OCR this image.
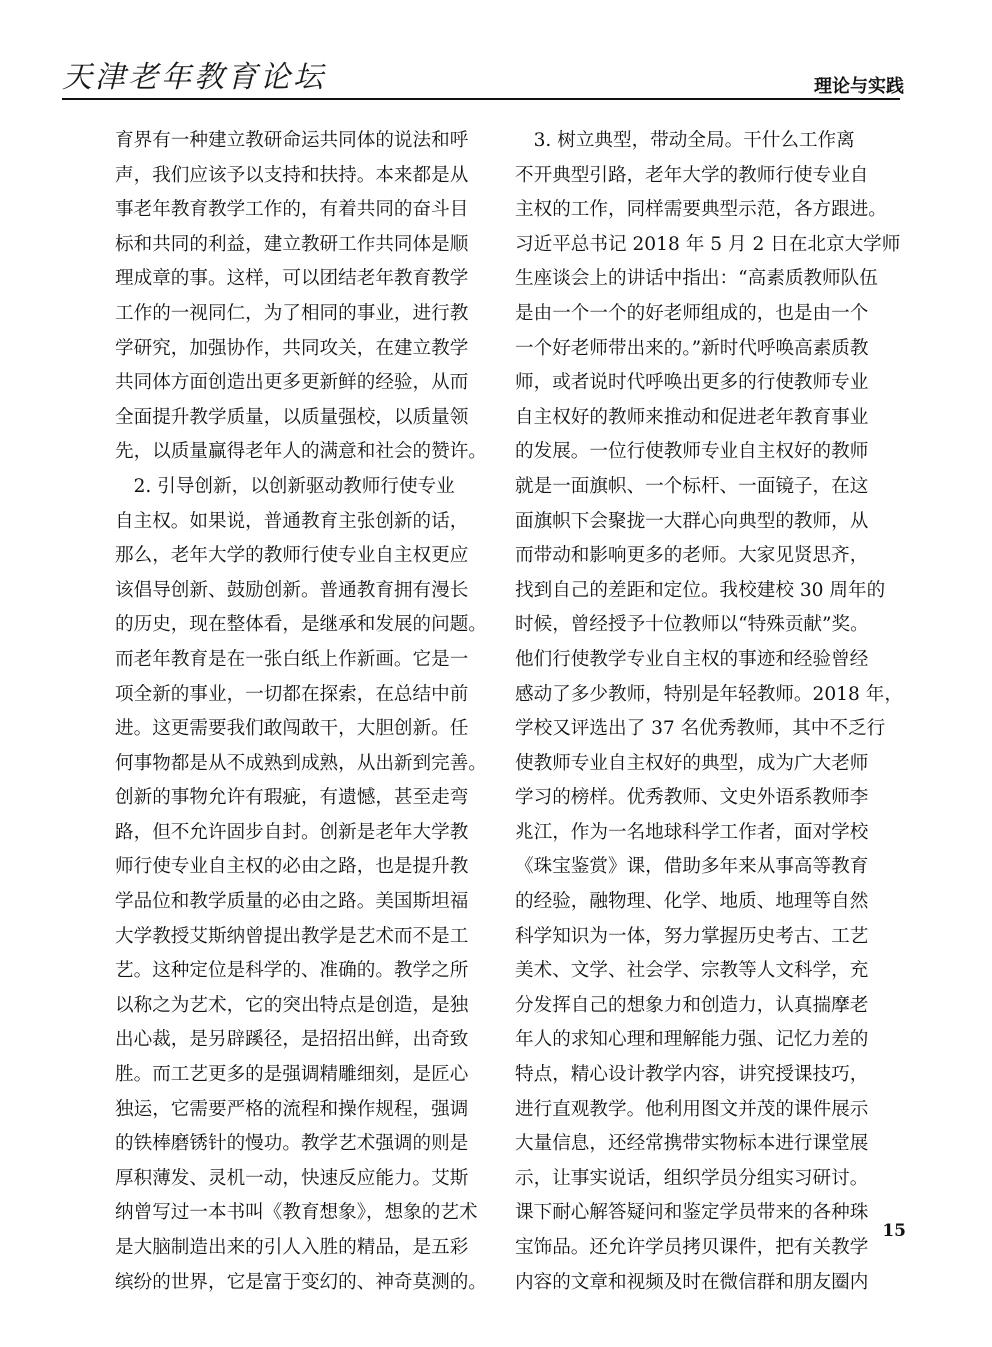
天津老年教育论坛	理论与实践
育界有一种建立教研命运共同体的说法和呼
声，我们应该予以支持和扶持。本来都是从
事老年教育教学工作的，有着共同的奋斗目
标和共同的利益，建立教研工作共同体是顺
理成章的事。这样，可以团结老年教育教学
工作的一视同仁，为了相同的事业，进行教
学研究，加强协作，共同攻关，在建立教学
共同体方面创造出更多更新鲜的经验，从而
全面提升教学质量，以质量强校，以质量领
先，以质量赢得老年人的满意和社会的赞许。
　2. 引导创新，以创新驱动教师行使专业
自主权。如果说，普通教育主张创新的话，
那么，老年大学的教师行使专业自主权更应
该倡导创新、鼓励创新。普通教育拥有漫长
的历史，现在整体看，是继承和发展的问题。
而老年教育是在一张白纸上作新画。它是一
项全新的事业，一切都在探索，在总结中前
进。这更需要我们敢闯敢干，大胆创新。任
何事物都是从不成熟到成熟，从出新到完善。
创新的事物允许有瑕疵，有遗憾，甚至走弯
路，但不允许固步自封。创新是老年大学教
师行使专业自主权的必由之路，也是提升教
学品位和教学质量的必由之路。美国斯坦福
大学教授艾斯纳曾提出教学是艺术而不是工
艺。这种定位是科学的、准确的。教学之所
以称之为艺术，它的突出特点是创造，是独
出心裁，是另辟蹊径，是招招出鲜，出奇致
胜。而工艺更多的是强调精雕细刻，是匠心
独运，它需要严格的流程和操作规程，强调
的铁棒磨锈针的慢功。教学艺术强调的则是
厚积薄发、灵机一动，快速反应能力。艾斯
纳曾写过一本书叫《教育想象》，想象的艺术
是大脑制造出来的引人入胜的精品，是五彩
缤纷的世界，它是富于变幻的、神奇莫测的。
　3. 树立典型，带动全局。干什么工作离
不开典型引路，老年大学的教师行使专业自
主权的工作，同样需要典型示范，各方跟进。
习近平总书记 2018 年 5 月 2 日在北京大学师
生座谈会上的讲话中指出：“高素质教师队伍
是由一个一个的好老师组成的，也是由一个
一个好老师带出来的。”新时代呼唤高素质教
师，或者说时代呼唤出更多的行使教师专业
自主权好的教师来推动和促进老年教育事业
的发展。一位行使教师专业自主权好的教师
就是一面旗帜、一个标杆、一面镜子，在这
面旗帜下会聚拢一大群心向典型的教师，从
而带动和影响更多的老师。大家见贤思齐，
找到自己的差距和定位。我校建校 30 周年的
时候，曾经授予十位教师以“特殊贡献”奖。
他们行使教学专业自主权的事迹和经验曾经
感动了多少教师，特别是年轻教师。2018 年，
学校又评选出了 37 名优秀教师，其中不乏行
使教师专业自主权好的典型，成为广大老师
学习的榜样。优秀教师、文史外语系教师李
兆江，作为一名地球科学工作者，面对学校
《珠宝鉴赏》课，借助多年来从事高等教育
的经验，融物理、化学、地质、地理等自然
科学知识为一体，努力掌握历史考古、工艺
美术、文学、社会学、宗教等人文科学，充
分发挥自己的想象力和创造力，认真揣摩老
年人的求知心理和理解能力强、记忆力差的
特点，精心设计教学内容，讲究授课技巧，
进行直观教学。他利用图文并茂的课件展示
大量信息，还经常携带实物标本进行课堂展
示，让事实说话，组织学员分组实习研讨。
课下耐心解答疑问和鉴定学员带来的各种珠
宝饰品。还允许学员拷贝课件，把有关教学
内容的文章和视频及时在微信群和朋友圈内
15
